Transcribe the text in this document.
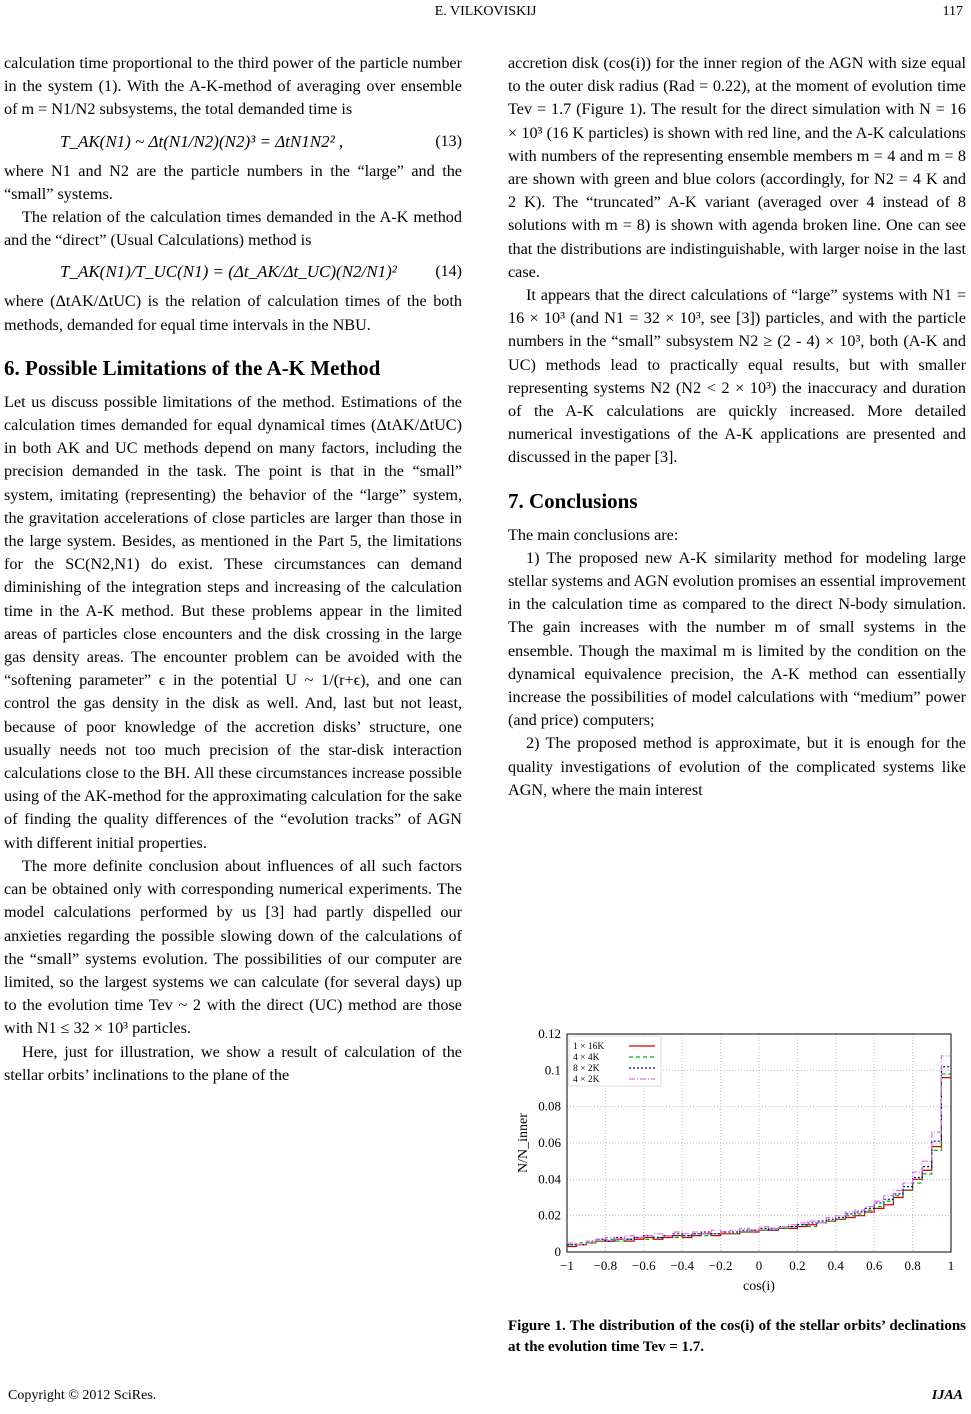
E. VILKOVISKIJ	117

calculation time proportional to the third power of the particle number in the system (1). With the A-K-method of averaging over ensemble of m = N1/N2 subsystems, the total demanded time is

T_AK(N1) ~ Δt(N1/N2)(N2)³ = ΔtN1N2² ,	(13)

where N1 and N2 are the particle numbers in the “large” and the “small” systems.

The relation of the calculation times demanded in the A-K method and the “direct” (Usual Calculations) method is

T_AK(N1)/T_UC(N1) = (Δt_AK/Δt_UC)(N2/N1)² (14)

where (ΔtAK/ΔtUC) is the relation of calculation times of the both methods, demanded for equal time intervals in the NBU.

6. Possible Limitations of the A-K Method

Let us discuss possible limitations of the method. Estimations of the calculation times demanded for equal dynamical times (ΔtAK/ΔtUC) in both AK and UC methods depend on many factors, including the precision demanded in the task. The point is that in the “small” system, imitating (representing) the behavior of the “large” system, the gravitation accelerations of close particles are larger than those in the large system. Besides, as mentioned in the Part 5, the limitations for the SC(N2,N1) do exist. These circumstances can demand diminishing of the integration steps and increasing of the calculation time in the A-K method. But these problems appear in the limited areas of particles close encounters and the disk crossing in the large gas density areas. The encounter problem can be avoided with the “softening parameter” ϵ in the potential U ~ 1/(r+ϵ), and one can control the gas density in the disk as well. And, last but not least, because of poor knowledge of the accretion disks’ structure, one usually needs not too much precision of the star-disk interaction calculations close to the BH. All these circumstances increase possible using of the AK-method for the approximating calculation for the sake of finding the quality differences of the “evolution tracks” of AGN with different initial properties.

The more definite conclusion about influences of all such factors can be obtained only with corresponding numerical experiments. The model calculations performed by us [3] had partly dispelled our anxieties regarding the possible slowing down of the calculations of the “small” systems evolution. The possibilities of our computer are limited, so the largest systems we can calculate (for several days) up to the evolution time Tev ~ 2 with the direct (UC) method are those with N1 ≤ 32 × 10³ particles.

Here, just for illustration, we show a result of calculation of the stellar orbits’ inclinations to the plane of the

accretion disk (cos(i)) for the inner region of the AGN with size equal to the outer disk radius (Rad = 0.22), at the moment of evolution time Tev = 1.7 (Figure 1). The result for the direct simulation with N = 16 × 10³ (16 K particles) is shown with red line, and the A-K calculations with numbers of the representing ensemble members m = 4 and m = 8 are shown with green and blue colors (accordingly, for N2 = 4 K and 2 K). The “truncated” A-K variant (averaged over 4 instead of 8 solutions with m = 8) is shown with agenda broken line. One can see that the distributions are indistinguishable, with larger noise in the last case.

It appears that the direct calculations of “large” systems with N1 = 16 × 10³ (and N1 = 32 × 10³, see [3]) particles, and with the particle numbers in the “small” subsystem N2 ≥ (2 - 4) × 10³, both (A-K and UC) methods lead to practically equal results, but with smaller representing systems N2 (N2 < 2 × 10³) the inaccuracy and duration of the A-K calculations are quickly increased. More detailed numerical investigations of the A-K applications are presented and discussed in the paper [3].

7. Conclusions

The main conclusions are:

1) The proposed new A-K similarity method for modeling large stellar systems and AGN evolution promises an essential improvement in the calculation time as compared to the direct N-body simulation. The gain increases with the number m of small systems in the ensemble. Though the maximal m is limited by the condition on the dynamical equivalence precision, the A-K method can essentially increase the possibilities of model calculations with “medium” power (and price) computers;

2) The proposed method is approximate, but it is enough for the quality investigations of evolution of the complicated systems like AGN, where the main interest

−1 −0.8 −0.6 −0.4 −0.2 0 0.2 0.4 0.6 0.8 1
0
0.02
0.04
0.06
0.08
0.1
0.12
1 × 16K
4 × 4K
8 × 2K
4 × 2K
cos(i)
N/N_inner
Figure 1. The distribution of the cos(i) of the stellar orbits’ declinations at the evolution time Tev = 1.7.
Copyright © 2012 SciRes.	IJAA
